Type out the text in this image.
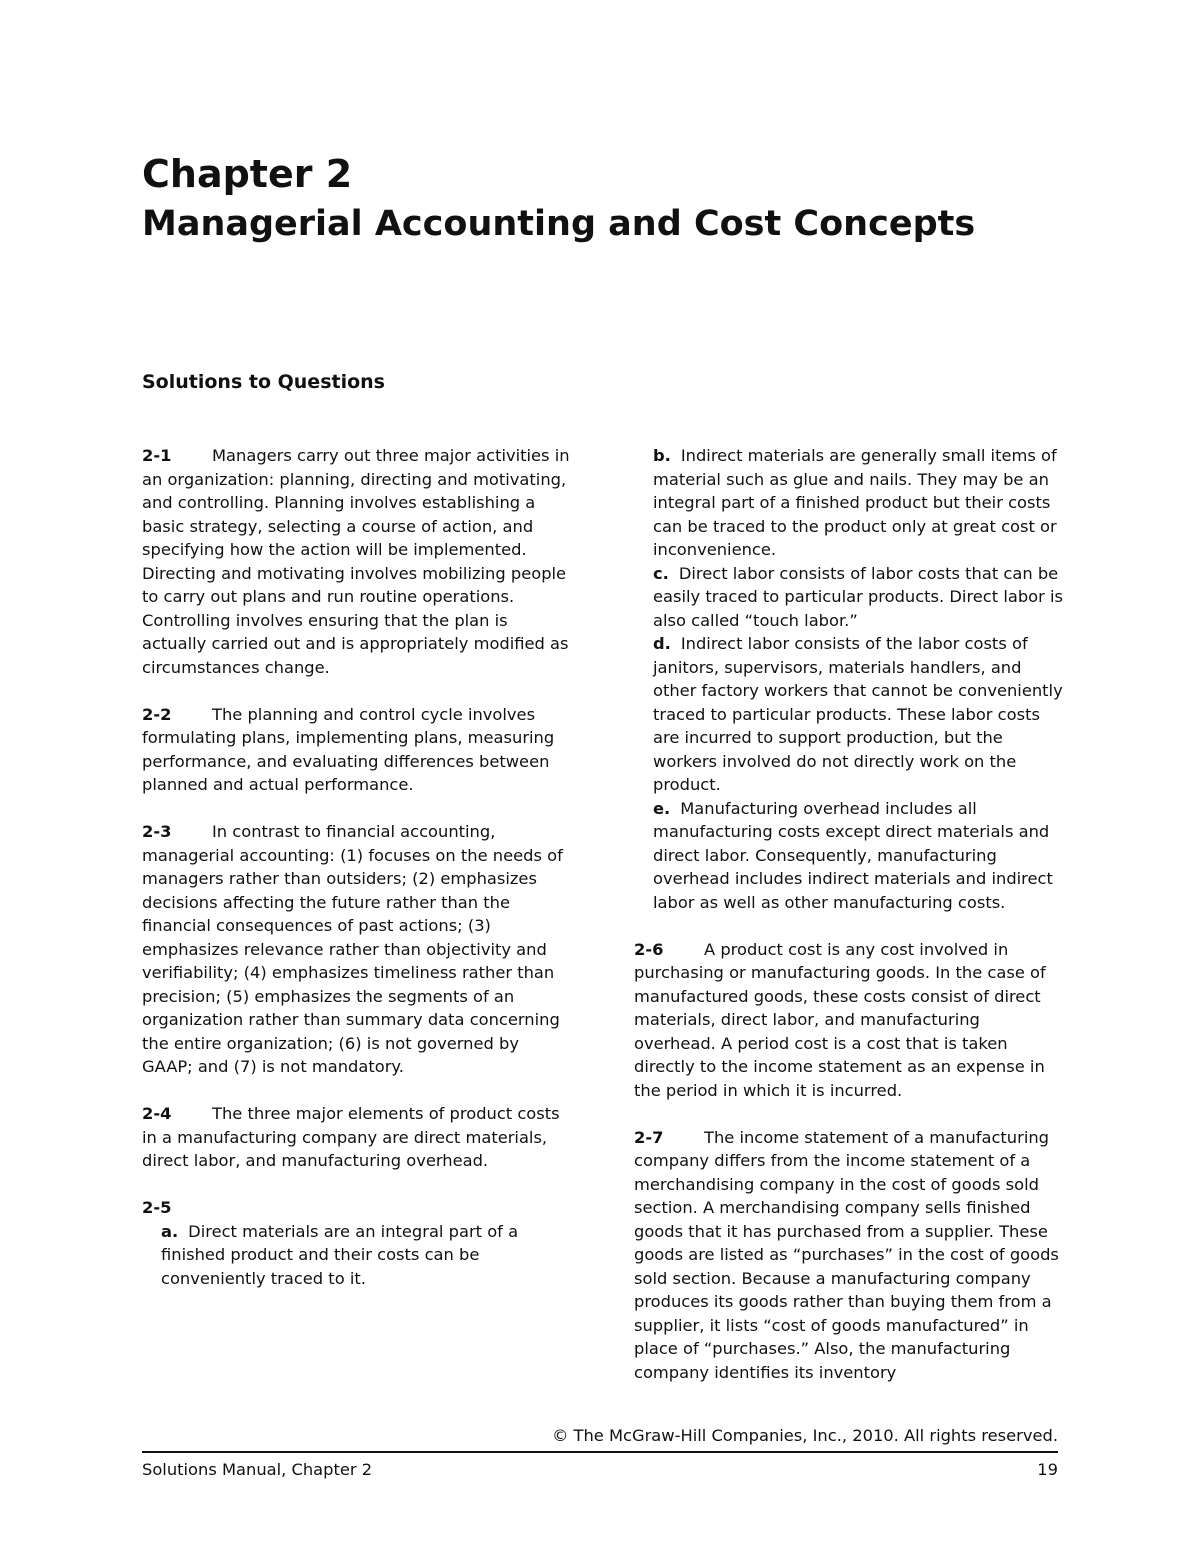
Chapter 2
Managerial Accounting and Cost Concepts
Solutions to Questions

2-1 Managers carry out three major activities in an organization: planning, directing and motivating, and controlling. Planning involves establishing a basic strategy, selecting a course of action, and specifying how the action will be implemented. Directing and motivating involves mobilizing people to carry out plans and run routine operations. Controlling involves ensuring that the plan is actually carried out and is appropriately modified as circumstances change.

2-2 The planning and control cycle involves formulating plans, implementing plans, measuring performance, and evaluating differences between planned and actual performance.

2-3 In contrast to financial accounting, managerial accounting: (1) focuses on the needs of managers rather than outsiders; (2) emphasizes decisions affecting the future rather than the financial consequences of past actions; (3) emphasizes relevance rather than objectivity and verifiability; (4) emphasizes timeliness rather than precision; (5) emphasizes the segments of an organization rather than summary data concerning the entire organization; (6) is not governed by GAAP; and (7) is not mandatory.

2-4 The three major elements of product costs in a manufacturing company are direct materials, direct labor, and manufacturing overhead.

2-5
a. Direct materials are an integral part of a finished product and their costs can be conveniently traced to it.
b. Indirect materials are generally small items of material such as glue and nails. They may be an integral part of a finished product but their costs can be traced to the product only at great cost or inconvenience.
c. Direct labor consists of labor costs that can be easily traced to particular products. Direct labor is also called “touch labor.”
d. Indirect labor consists of the labor costs of janitors, supervisors, materials handlers, and other factory workers that cannot be conveniently traced to particular products. These labor costs are incurred to support production, but the workers involved do not directly work on the product.
e. Manufacturing overhead includes all manufacturing costs except direct materials and direct labor. Consequently, manufacturing overhead includes indirect materials and indirect labor as well as other manufacturing costs.

2-6 A product cost is any cost involved in purchasing or manufacturing goods. In the case of manufactured goods, these costs consist of direct materials, direct labor, and manufacturing overhead. A period cost is a cost that is taken directly to the income statement as an expense in the period in which it is incurred.

2-7 The income statement of a manufacturing company differs from the income statement of a merchandising company in the cost of goods sold section. A merchandising company sells finished goods that it has purchased from a supplier. These goods are listed as “purchases” in the cost of goods sold section. Because a manufacturing company produces its goods rather than buying them from a supplier, it lists “cost of goods manufactured” in place of “purchases.” Also, the manufacturing company identifies its inventory

© The McGraw-Hill Companies, Inc., 2010. All rights reserved.
Solutions Manual, Chapter 2	19
